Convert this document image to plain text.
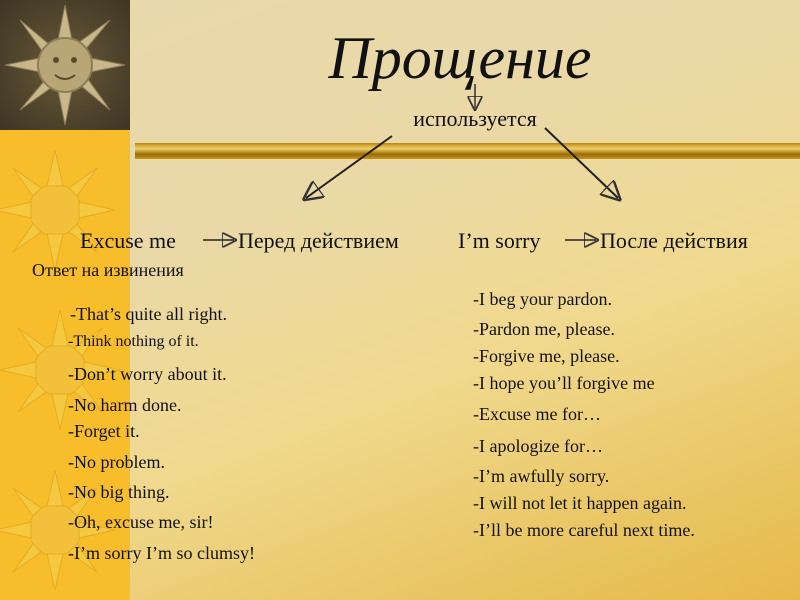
Прощение
используется
Excuse me	Перед действием	I’m sorry	После действия
Ответ на извинения
-That’s quite all right.
-Think nothing of it.
-Don’t worry about it.
-No harm done.
-Forget it.
-No problem.
-No big thing.
-Oh, excuse me, sir!
-I’m sorry I’m so clumsy!
-I beg your pardon.
-Pardon me, please.
-Forgive me, please.
-I hope you’ll forgive me
-Excuse me for…
-I apologize for…
-I’m awfully sorry.
-I will not let it happen again.
-I’ll be more careful next time.
